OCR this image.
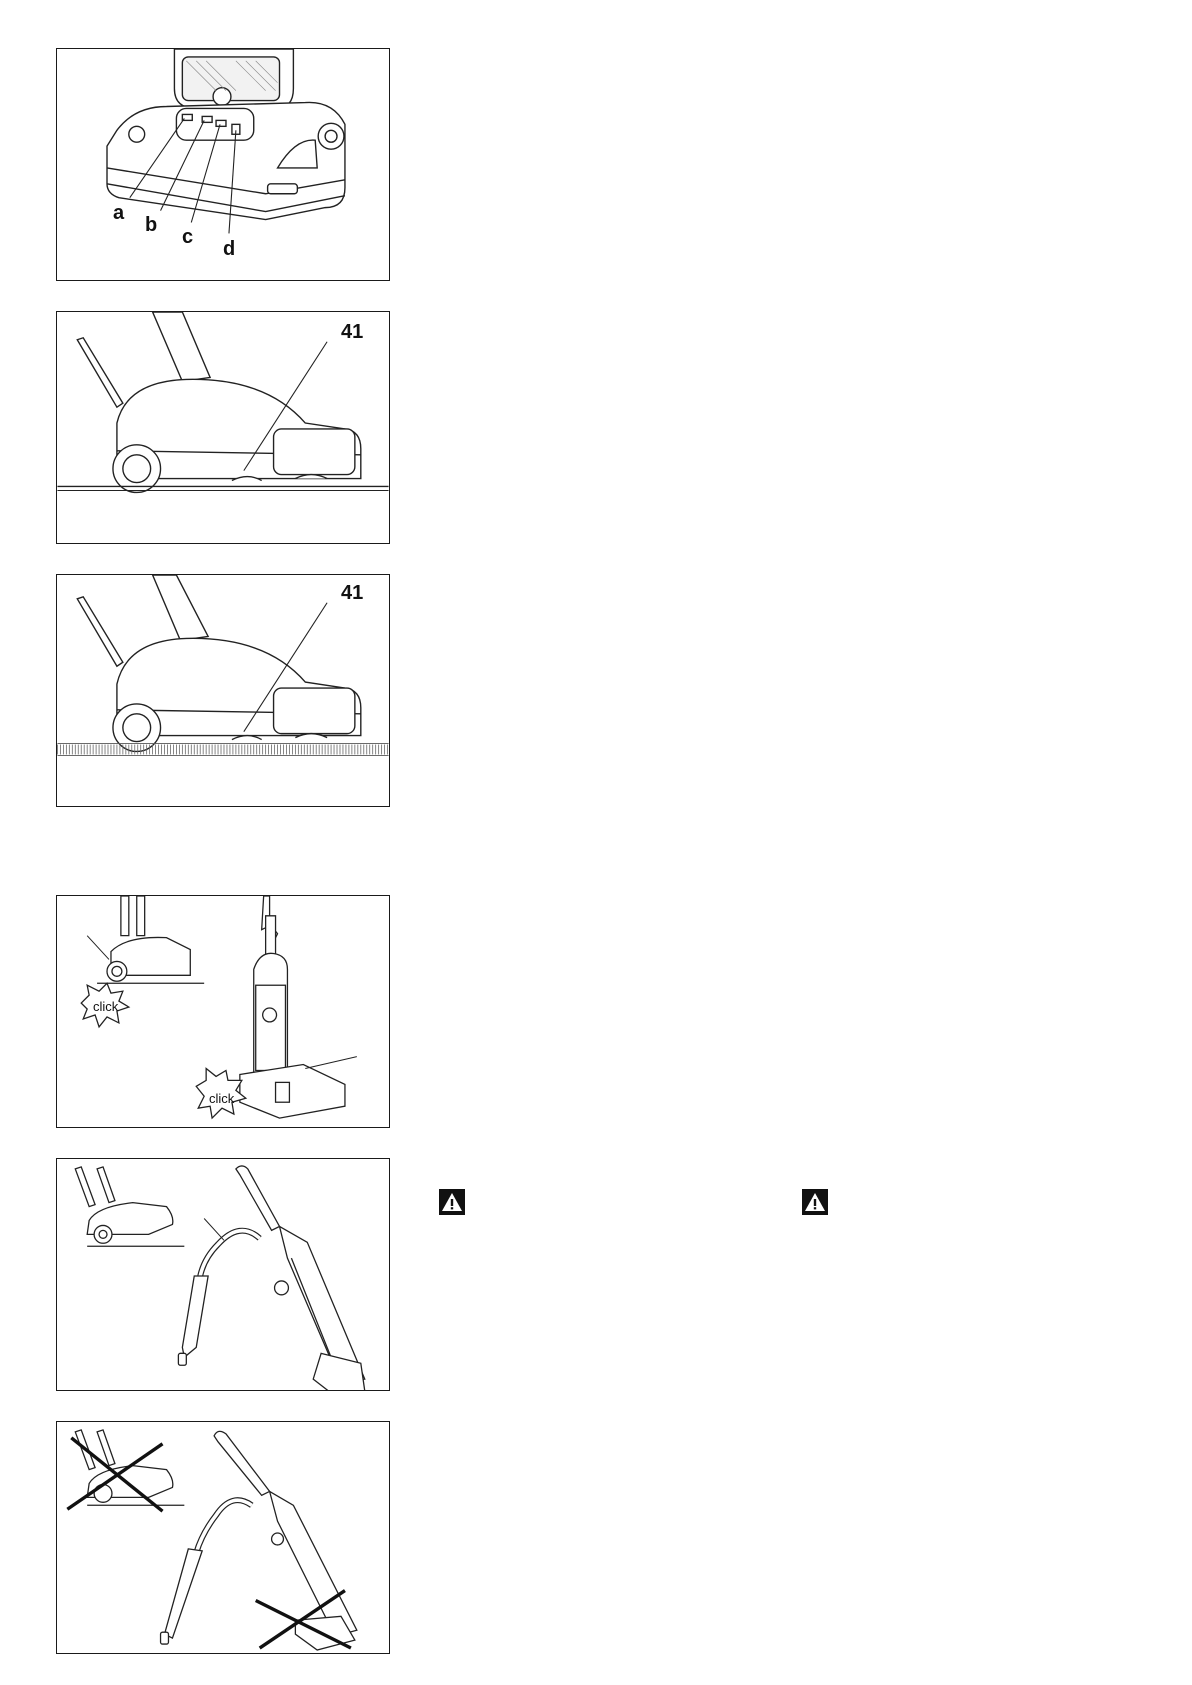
a
b
c
d
41
41
click
click
